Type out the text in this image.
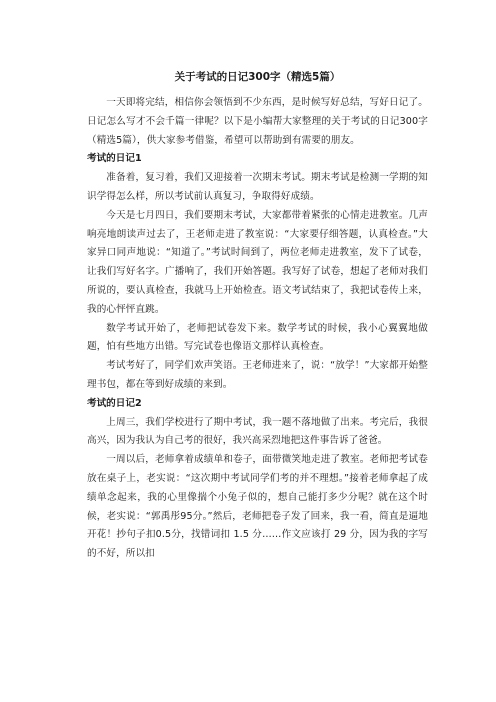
关于考试的日记300字（精选5篇）

一天即将完结，相信你会领悟到不少东西，是时候写好总结，写好日记了。日记怎么写才不会千篇一律呢？以下是小编帮大家整理的关于考试的日记300字（精选5篇），供大家参考借鉴，希望可以帮助到有需要的朋友。

考试的日记1

准备着，复习着，我们又迎接着一次期末考试。期末考试是检测一学期的知识学得怎么样，所以考试前认真复习，争取得好成绩。

今天是七月四日，我们要期末考试，大家都带着紧张的心情走进教室。几声响亮地朗读声过去了，王老师走进了教室说：“大家要仔细答题，认真检查。”大家异口同声地说：“知道了。”考试时间到了，两位老师走进教室，发下了试卷，让我们写好名字。广播响了，我们开始答题。我写好了试卷，想起了老师对我们所说的，要认真检查，我就马上开始检查。语文考试结束了，我把试卷传上来，我的心怦怦直跳。

数学考试开始了，老师把试卷发下来。数学考试的时候，我小心翼翼地做题，怕有些地方出错。写完试卷也像语文那样认真检查。

考试考好了，同学们欢声笑语。王老师进来了，说：“放学！”大家都开始整理书包，都在等到好成绩的来到。

考试的日记2

上周三，我们学校进行了期中考试，我一题不落地做了出来。考完后，我很高兴，因为我认为自己考的很好，我兴高采烈地把这件事告诉了爸爸。

一周以后，老师拿着成绩单和卷子，面带微笑地走进了教室。老师把考试卷放在桌子上，老实说：“这次期中考试同学们考的并不理想。”接着老师拿起了成绩单念起来，我的心里像揣个小兔子似的，想自己能打多少分呢？就在这个时候，老实说：“郭禹彤95分。”然后，老师把卷子发了回来，我一看，简直是逼地开花！抄句子扣0.5分，找错词扣 1.5 分……作文应该打 29 分，因为我的字写的不好，所以扣
